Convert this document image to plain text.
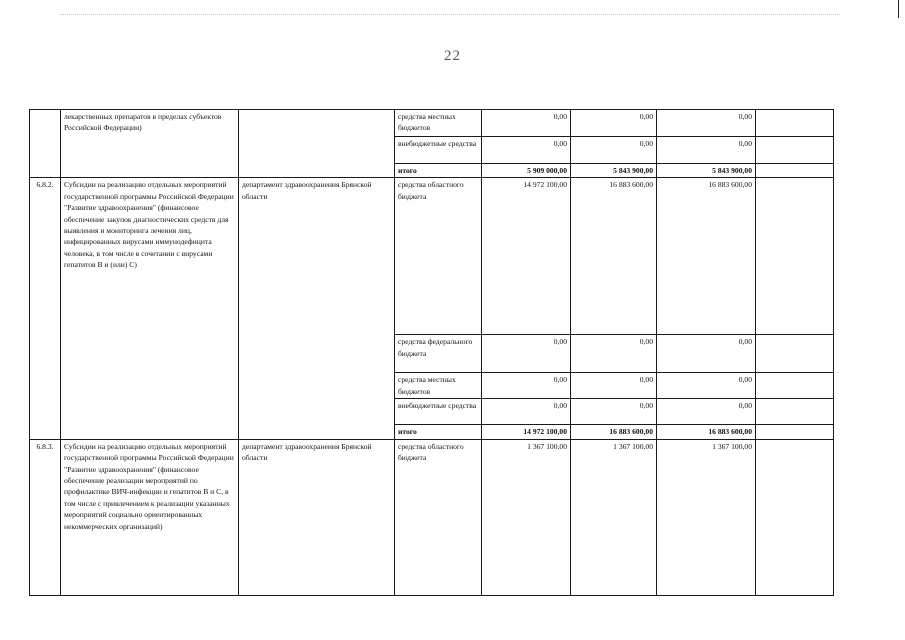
22
	лекарственных препаратов в пределах субъектов Российской Федерации)		средства местных бюджетов	0,00	0,00	0,00	
			внебюджетные средства	0,00	0,00	0,00	
			итого	5 909 000,00	5 843 900,00	5 843 900,00	
6.8.2.	Субсидии на реализацию отдельных мероприятий государственной программы Российской Федерации "Развитие здравоохранения" (финансовое обеспечение закупок диагностических средств для выявления и мониторинга лечения лиц, инфицированных вирусами иммунодефицита человека, в том числе в сочетании с вирусами гепатитов В и (или) С)	департамент здравоохранения Брянской области	средства областного бюджета	14 972 100,00	16 883 600,00	16 883 600,00	
			средства федерального бюджета	0,00	0,00	0,00	
			средства местных бюджетов	0,00	0,00	0,00	
			внебюджетные средства	0,00	0,00	0,00	
			итого	14 972 100,00	16 883 600,00	16 883 600,00	
6.8.3.	Субсидии на реализацию отдельных мероприятий государственной программы Российской Федерации "Развитие здравоохранения" (финансовое обеспечение реализации мероприятий по профилактике ВИЧ-инфекции и гепатитов В и С, в том числе с привлечением к реализации указанных мероприятий социально ориентированных некоммерческих организаций)	департамент здравоохранения Брянской области	средства областного бюджета	1 367 100,00	1 367 100,00	1 367 100,00	
